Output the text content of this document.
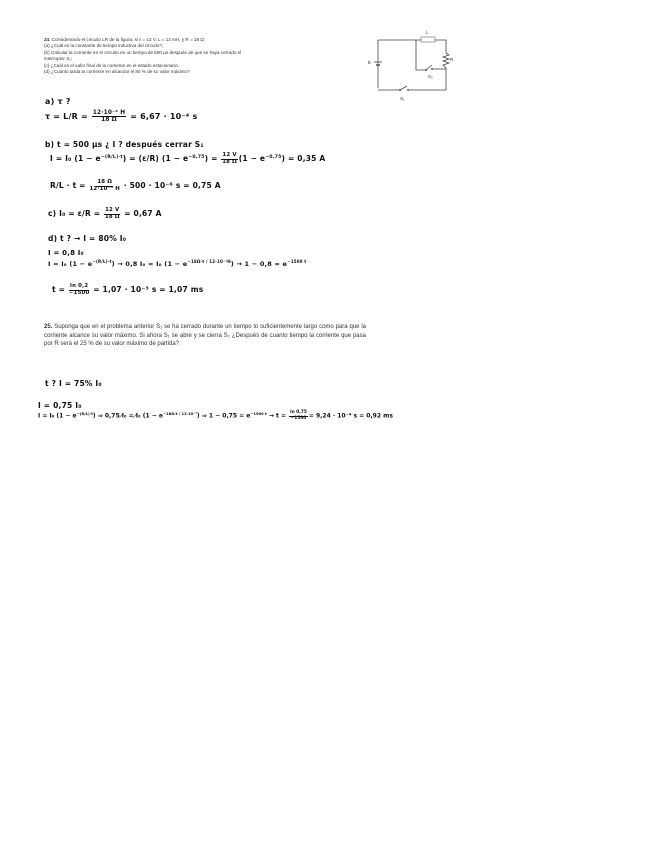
24. Considerando el circuito LR de la figura, si ε = 12 V, L = 12 mH, y R = 18 Ω:
(a) ¿Cuál es la constante de tiempo inductiva del circuito?;
(b) Calcular la corriente en el circuito en un tiempo de 500 μs después de que se haya cerrado el
interruptor S₁;
(c) ¿Cuál es el valor final de la corriente en el estado estacionario,
(d) ¿Cuánto tarda la corriente en alcanzar el 80 % de su valor máximo?
L
E
R
S₁
S₂
a) τ ?
$\tau = L/R = \frac{\text{12·10⁻³ H}}{18 \Omega} = 6,67 \cdot 10^{-4}$ s
b) t = 500 μs ¿ I ? después cerrar S₁
I = I₀ $(1 - e^{-(R/L)\cdot t}) = (\varepsilon/R)$ $(1 - e^{-0,75}) = \frac{12 V}{18 \Omega} (1 - e^{-0,75}) = 0,35$ A
$R/L \cdot t = \frac{18 \Omega}{\text{12·10⁻³ H}} \cdot 500 \cdot 10^{-6}$ s = 0,75 A
c) $I_0 = \varepsilon/R = \frac{12 V}{18 \Omega} = 0,67$ A
d) t ? → I = 80% I₀
I = 0,8 I₀
I = I₀ $(1 - e^{-(R/L)\cdot t}) \to 0,8$ I₀ = I₀ $(1 - e^{-18\Omega\cdot t / 12\cdot 10^{-3}H}) \to 1 - 0,8 = e^{-1500 t}$
$t = \frac{\ln 0,2}{-1500} = 1,07 \cdot 10^{-3}$ s = 1,07 ms
25. Suponga que en el problema anterior S₁ se ha cerrado durante un tiempo lo suficientemente largo como para que la corriente alcance su valor máximo. Si ahora S₁ se abre y se cierra S₂ ¿Después de cuanto tiempo la corriente que pasa por R será el 25 % de su valor máximo de partida?
t ? I = 75% I₀
I = 0,75 I₀
I = I₀ $(1 - e^{-(R/L)\cdot t})$ ⇒ 0,75 I̸₀ = I̸₀ $(1 - e^{-18\Omega\cdot t / 12\cdot 10^{-3}})$ ⇒ $1 - 0,75 = e^{-1500 t} \to t = \frac{\ln 0,75}{-1500} = 9,24 \cdot 10^{-4}$ s = 0,92 ms
